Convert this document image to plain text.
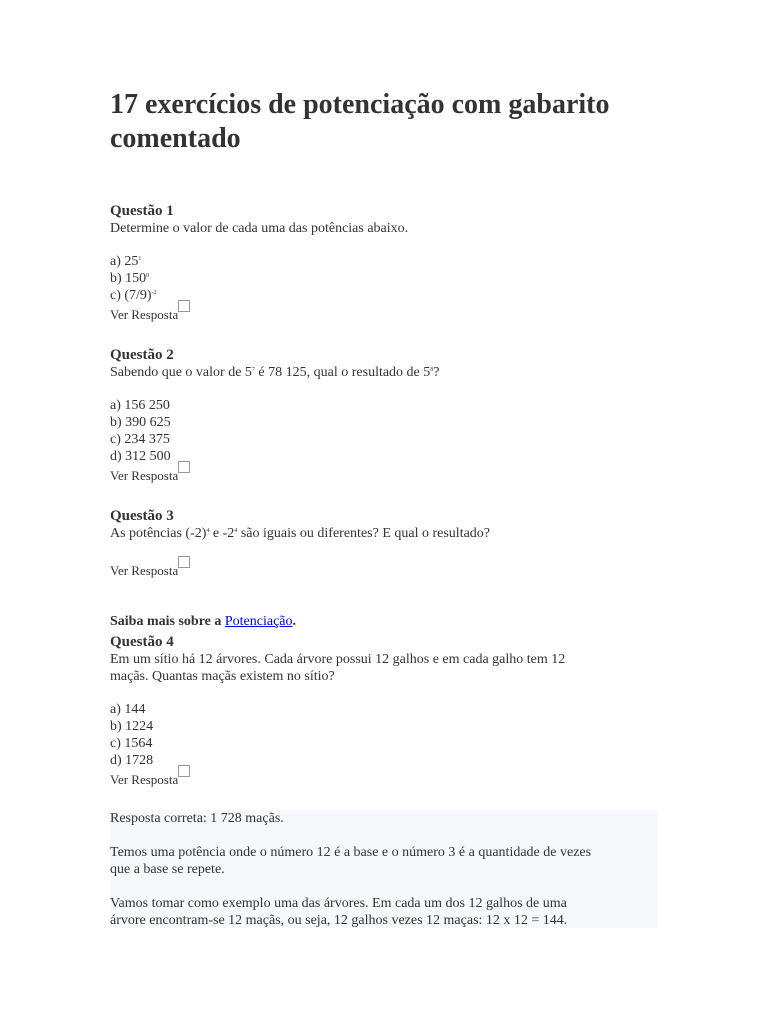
17 exercícios de potenciação com gabarito comentado

Questão 1

Determine o valor de cada uma das potências abaixo.

a) $25^1$

b) $150^0$

c) $(7/9)^{-2}$

Ver Resposta

Questão 2

Sabendo que o valor de $5^7$ é 78 125, qual o resultado de $5^8$?

a) 156 250

b) 390 625

c) 234 375

d) 312 500

Ver Resposta

Questão 3

As potências $(-2)^4$ e $-2^4$ são iguais ou diferentes? E qual o resultado?

Ver Resposta

Saiba mais sobre a Potenciação.

Questão 4

Em um sítio há 12 árvores. Cada árvore possui 12 galhos e em cada galho tem 12

maçãs. Quantas maçãs existem no sítio?

a) 144

b) 1224

c) 1564

d) 1728

Ver Resposta

Resposta correta: 1 728 maçãs.

Temos uma potência onde o número 12 é a base e o número 3 é a quantidade de vezes

que a base se repete.

Vamos tomar como exemplo uma das árvores. Em cada um dos 12 galhos de uma

árvore encontram-se 12 maçãs, ou seja, 12 galhos vezes 12 maças: 12 x 12 = 144.
